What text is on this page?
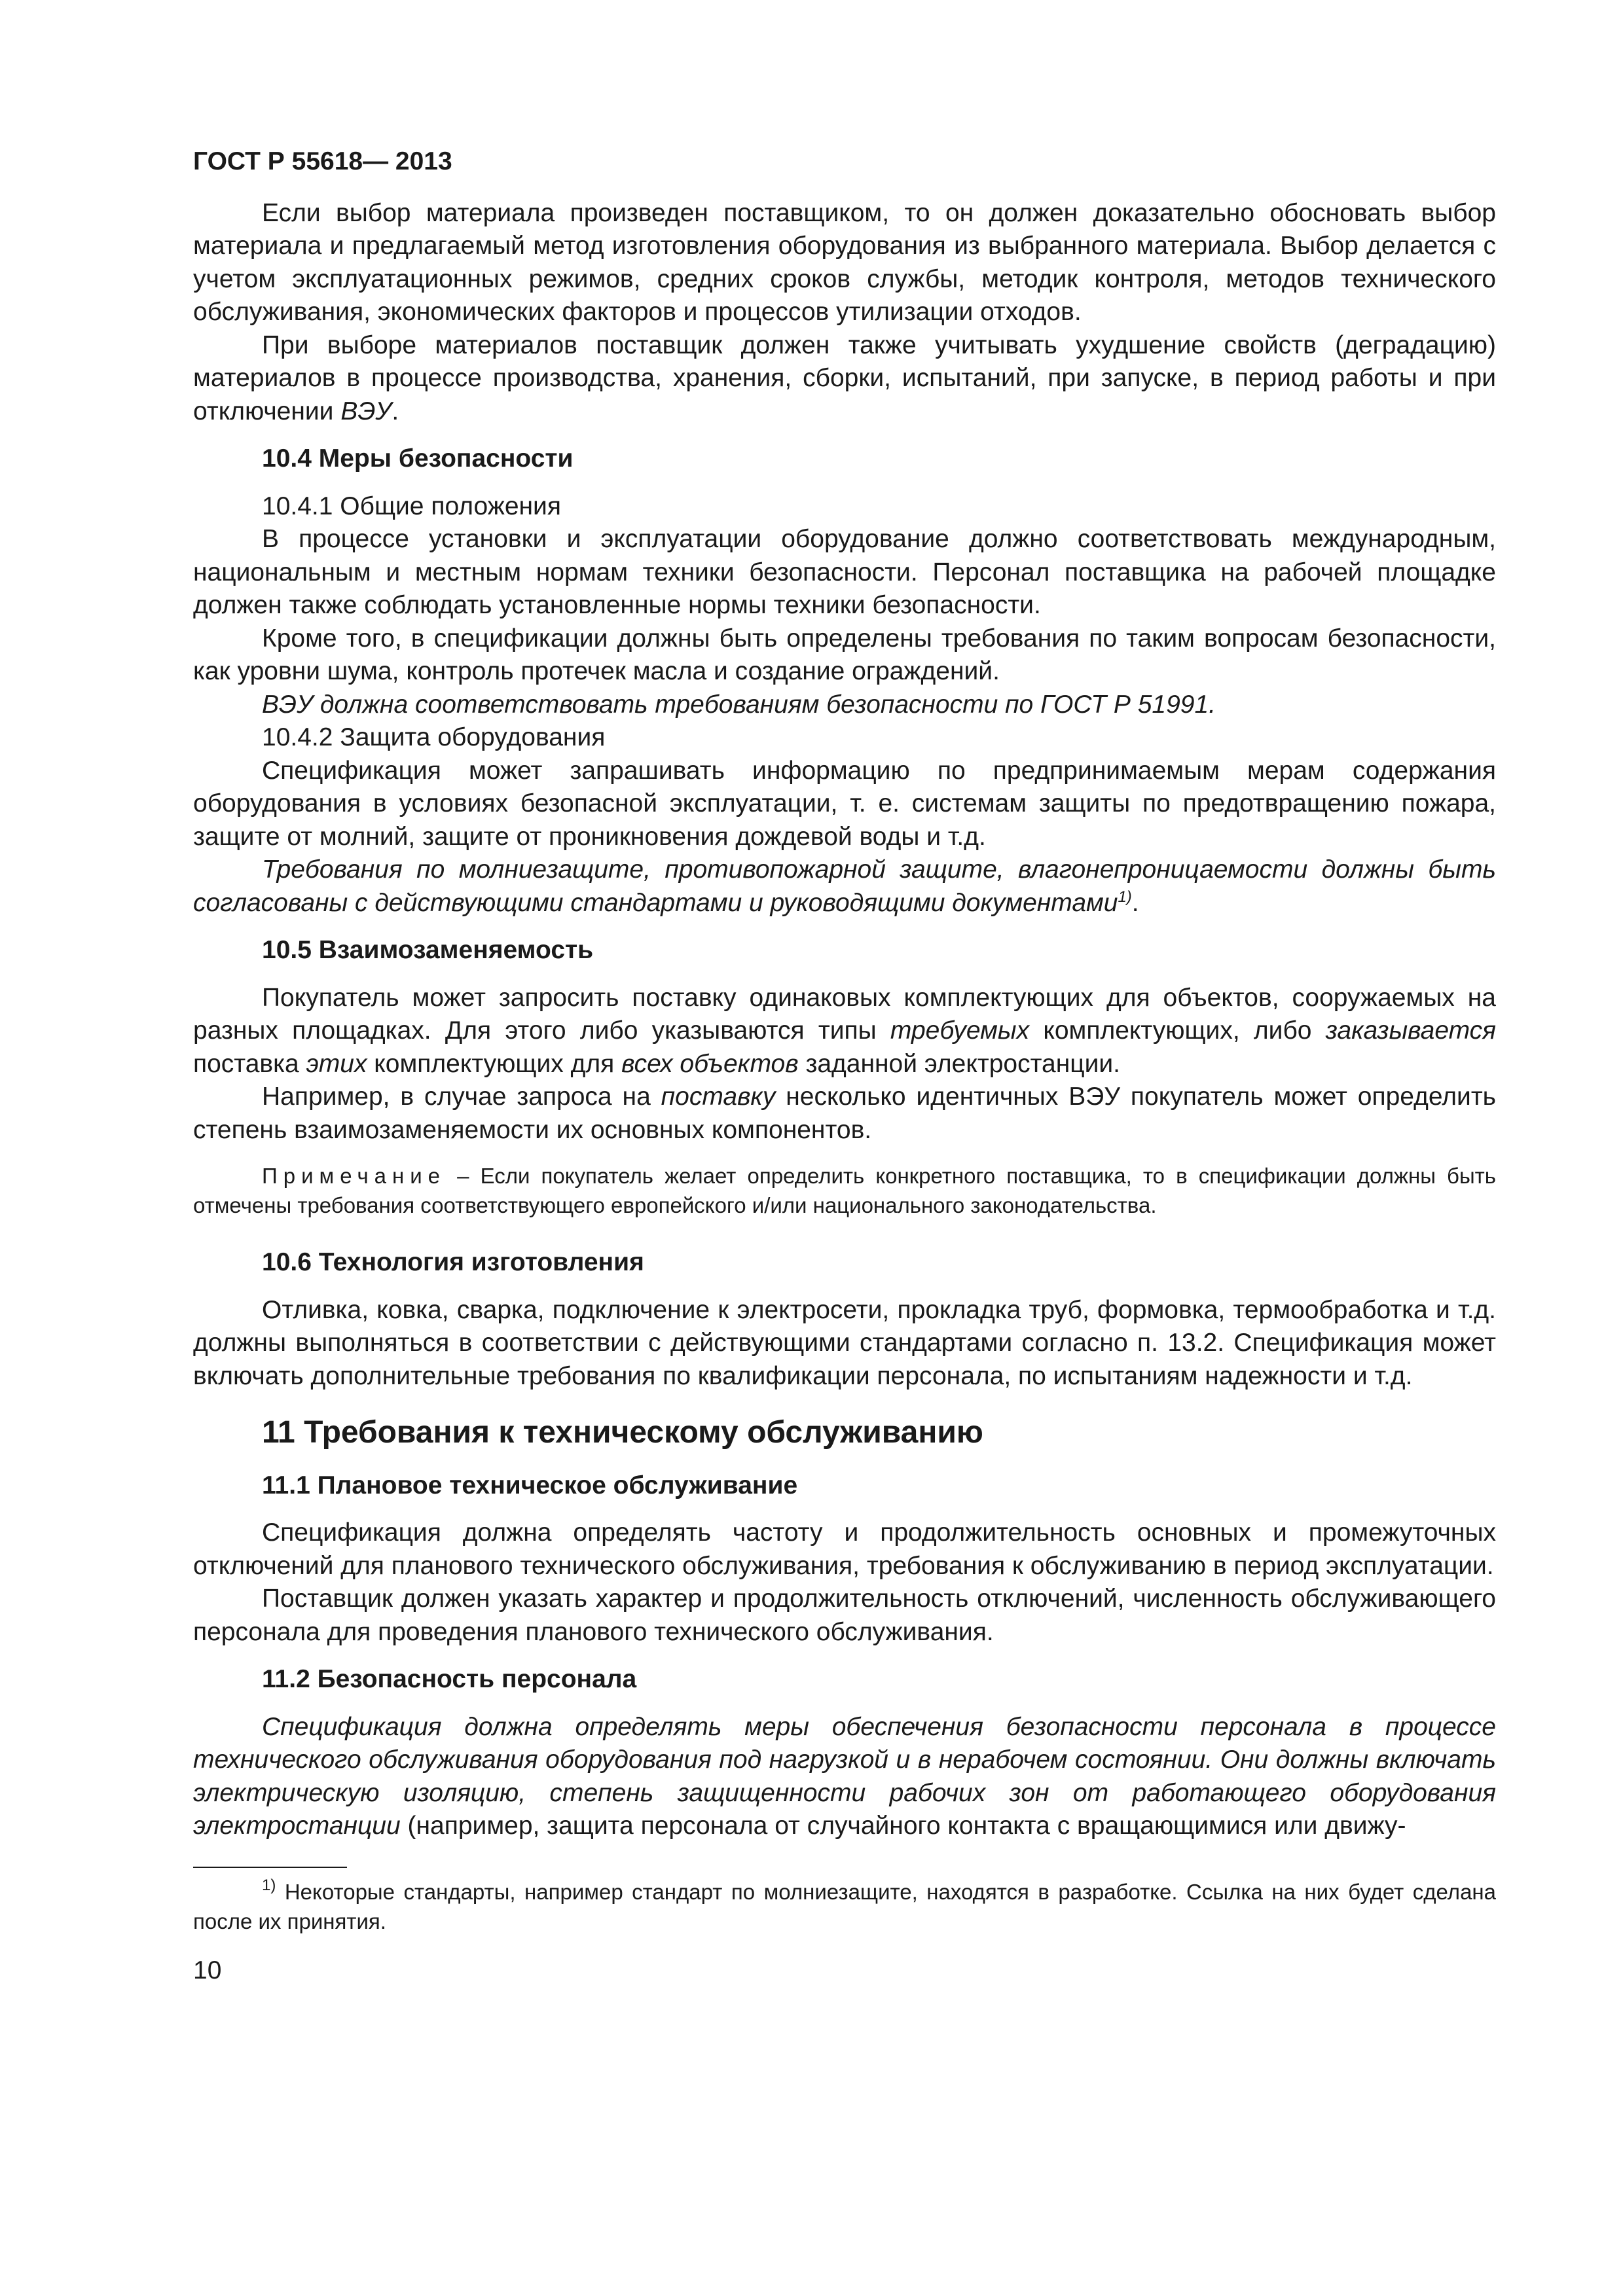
ГОСТ Р 55618— 2013

Если выбор материала произведен поставщиком, то он должен доказательно обосновать выбор материала и предлагаемый метод изготовления оборудования из выбранного материала. Выбор делается с учетом эксплуатационных режимов, средних сроков службы, методик контроля, методов технического обслуживания, экономических факторов и процессов утилизации отходов.

При выборе материалов поставщик должен также учитывать ухудшение свойств (деградацию) материалов в процессе производства, хранения, сборки, испытаний, при запуске, в период работы и при отключении ВЭУ.

10.4 Меры безопасности

10.4.1 Общие положения

В процессе установки и эксплуатации оборудование должно соответствовать международным, национальным и местным нормам техники безопасности. Персонал поставщика на рабочей площадке должен также соблюдать установленные нормы техники безопасности.

Кроме того, в спецификации должны быть определены требования по таким вопросам безопасности, как уровни шума, контроль протечек масла и создание ограждений.

ВЭУ должна соответствовать требованиям безопасности по ГОСТ Р 51991.

10.4.2 Защита оборудования

Спецификация может запрашивать информацию по предпринимаемым мерам содержания оборудования в условиях безопасной эксплуатации, т. е. системам защиты по предотвращению пожара, защите от молний, защите от проникновения дождевой воды и т.д.

Требования по молниезащите, противопожарной защите, влагонепроницаемости должны быть согласованы с действующими стандартами и руководящими документами$^{1)}$.

10.5 Взаимозаменяемость

Покупатель может запросить поставку одинаковых комплектующих для объектов, сооружаемых на разных площадках. Для этого либо указываются типы требуемых комплектующих, либо заказывается поставка этих комплектующих для всех объектов заданной электростанции.

Например, в случае запроса на поставку несколько идентичных ВЭУ покупатель может определить степень взаимозаменяемости их основных компонентов.

Примечание – Если покупатель желает определить конкретного поставщика, то в спецификации должны быть отмечены требования соответствующего европейского и/или национального законодательства.

10.6 Технология изготовления

Отливка, ковка, сварка, подключение к электросети, прокладка труб, формовка, термообработка и т.д. должны выполняться в соответствии с действующими стандартами согласно п. 13.2. Спецификация может включать дополнительные требования по квалификации персонала, по испытаниям надежности и т.д.

11 Требования к техническому обслуживанию
11.1 Плановое техническое обслуживание

Спецификация должна определять частоту и продолжительность основных и промежуточных отключений для планового технического обслуживания, требования к обслуживанию в период эксплуатации.

Поставщик должен указать характер и продолжительность отключений, численность обслуживающего персонала для проведения планового технического обслуживания.

11.2 Безопасность персонала

Спецификация должна определять меры обеспечения безопасности персонала в процессе технического обслуживания оборудования под нагрузкой и в нерабочем состоянии. Они должны включать электрическую изоляцию, степень защищенности рабочих зон от работающего оборудования электростанции (например, защита персонала от случайного контакта с вращающимися или движу-

$^{1)}$ Некоторые стандарты, например стандарт по молниезащите, находятся в разработке. Ссылка на них будет сделана после их принятия.
10
